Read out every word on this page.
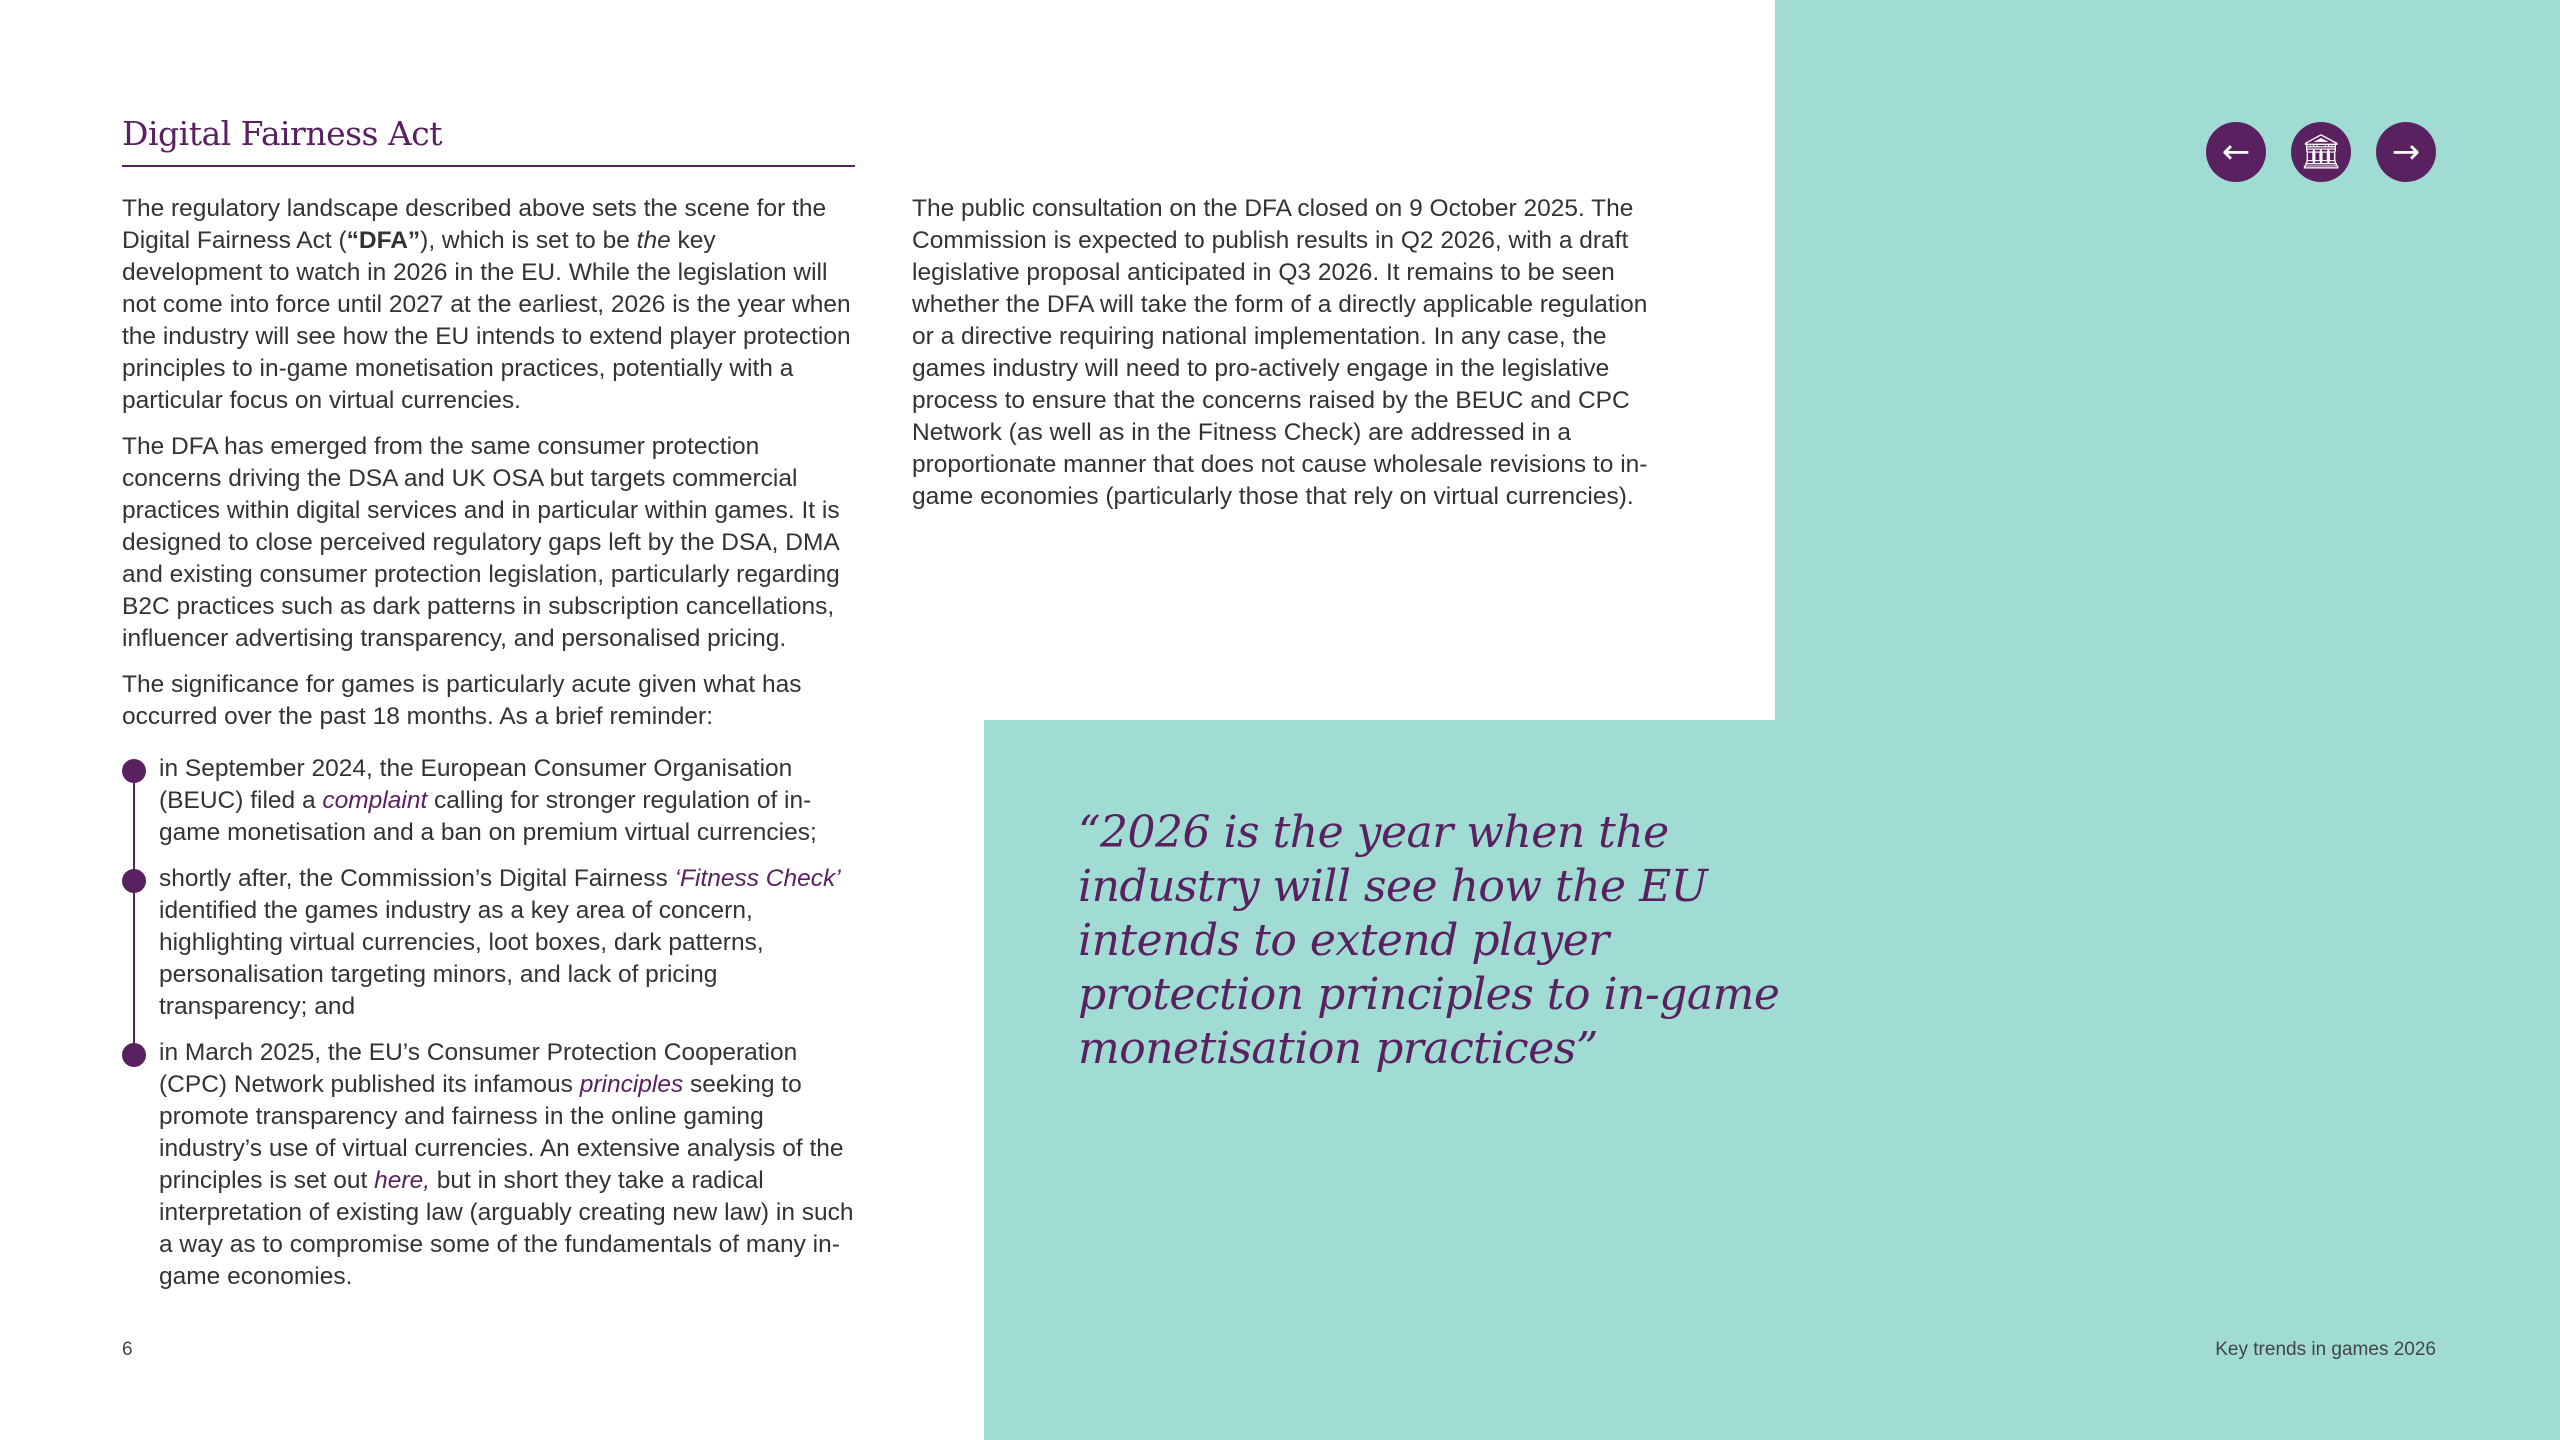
Digital Fairness Act

The regulatory landscape described above sets the scene for the Digital Fairness Act (“DFA”), which is set to be the key development to watch in 2026 in the EU. While the legislation will not come into force until 2027 at the earliest, 2026 is the year when the industry will see how the EU intends to extend player protection principles to in-game monetisation practices, potentially with a particular focus on virtual currencies.

The DFA has emerged from the same consumer protection concerns driving the DSA and UK OSA but targets commercial practices within digital services and in particular within games. It is designed to close perceived regulatory gaps left by the DSA, DMA and existing consumer protection legislation, particularly regarding B2C practices such as dark patterns in subscription cancellations, influencer advertising transparency, and personalised pricing.

The significance for games is particularly acute given what has occurred over the past 18 months. As a brief reminder:

in September 2024, the European Consumer Organisation (BEUC) filed a complaint calling for stronger regulation of in-game monetisation and a ban on premium virtual currencies;
shortly after, the Commission’s Digital Fairness ‘Fitness Check’ identified the games industry as a key area of concern, highlighting virtual currencies, loot boxes, dark patterns, personalisation targeting minors, and lack of pricing transparency; and
in March 2025, the EU’s Consumer Protection Cooperation (CPC) Network published its infamous principles seeking to promote transparency and fairness in the online gaming industry’s use of virtual currencies. An extensive analysis of the principles is set out here, but in short they take a radical interpretation of existing law (arguably creating new law) in such a way as to compromise some of the fundamentals of many in-game economies.

The public consultation on the DFA closed on 9 October 2025. The Commission is expected to publish results in Q2 2026, with a draft legislative proposal anticipated in Q3 2026. It remains to be seen whether the DFA will take the form of a directly applicable regulation or a directive requiring national implementation. In any case, the games industry will need to pro-actively engage in the legislative process to ensure that the concerns raised by the BEUC and CPC Network (as well as in the Fitness Check) are addressed in a proportionate manner that does not cause wholesale revisions to in-game economies (particularly those that rely on virtual currencies).

← 🏛 →

“2026 is the year when the industry will see how the EU intends to extend player protection principles to in-game monetisation practices”

6	Key trends in games 2026
